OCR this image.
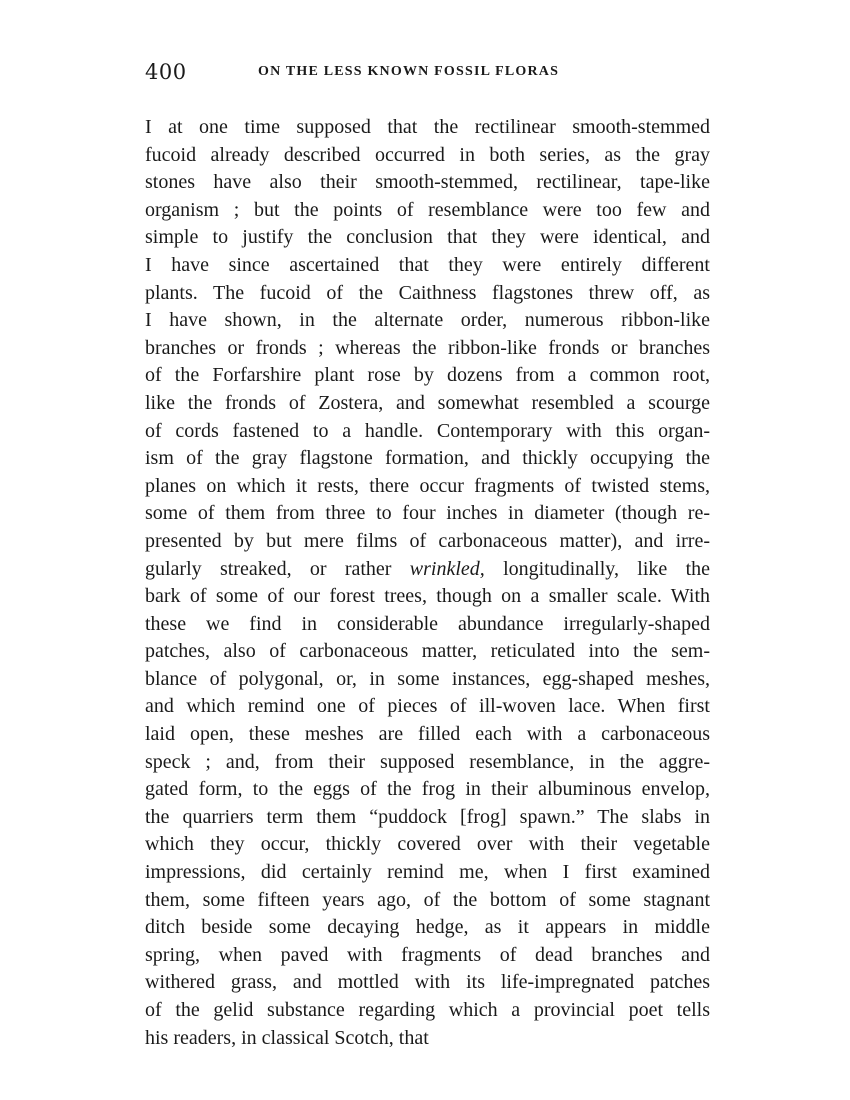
400	ON THE LESS KNOWN FOSSIL FLORAS
I at one time supposed that the rectilinear smooth-stemmed
fucoid already described occurred in both series, as the gray
stones have also their smooth-stemmed, rectilinear, tape-like
organism ; but the points of resemblance were too few and
simple to justify the conclusion that they were identical, and
I have since ascertained that they were entirely different
plants. The fucoid of the Caithness flagstones threw off, as
I have shown, in the alternate order, numerous ribbon-like
branches or fronds ; whereas the ribbon-like fronds or branches
of the Forfarshire plant rose by dozens from a common root,
like the fronds of Zostera, and somewhat resembled a scourge
of cords fastened to a handle. Contemporary with this organ-
ism of the gray flagstone formation, and thickly occupying the
planes on which it rests, there occur fragments of twisted stems,
some of them from three to four inches in diameter (though re-
presented by but mere films of carbonaceous matter), and irre-
gularly streaked, or rather wrinkled, longitudinally, like the
bark of some of our forest trees, though on a smaller scale. With
these we find in considerable abundance irregularly-shaped
patches, also of carbonaceous matter, reticulated into the sem-
blance of polygonal, or, in some instances, egg-shaped meshes,
and which remind one of pieces of ill-woven lace. When first
laid open, these meshes are filled each with a carbonaceous
speck ; and, from their supposed resemblance, in the aggre-
gated form, to the eggs of the frog in their albuminous envelop,
the quarriers term them “puddock [frog] spawn.” The slabs in
which they occur, thickly covered over with their vegetable
impressions, did certainly remind me, when I first examined
them, some fifteen years ago, of the bottom of some stagnant
ditch beside some decaying hedge, as it appears in middle
spring, when paved with fragments of dead branches and
withered grass, and mottled with its life-impregnated patches
of the gelid substance regarding which a provincial poet tells
his readers, in classical Scotch, that
